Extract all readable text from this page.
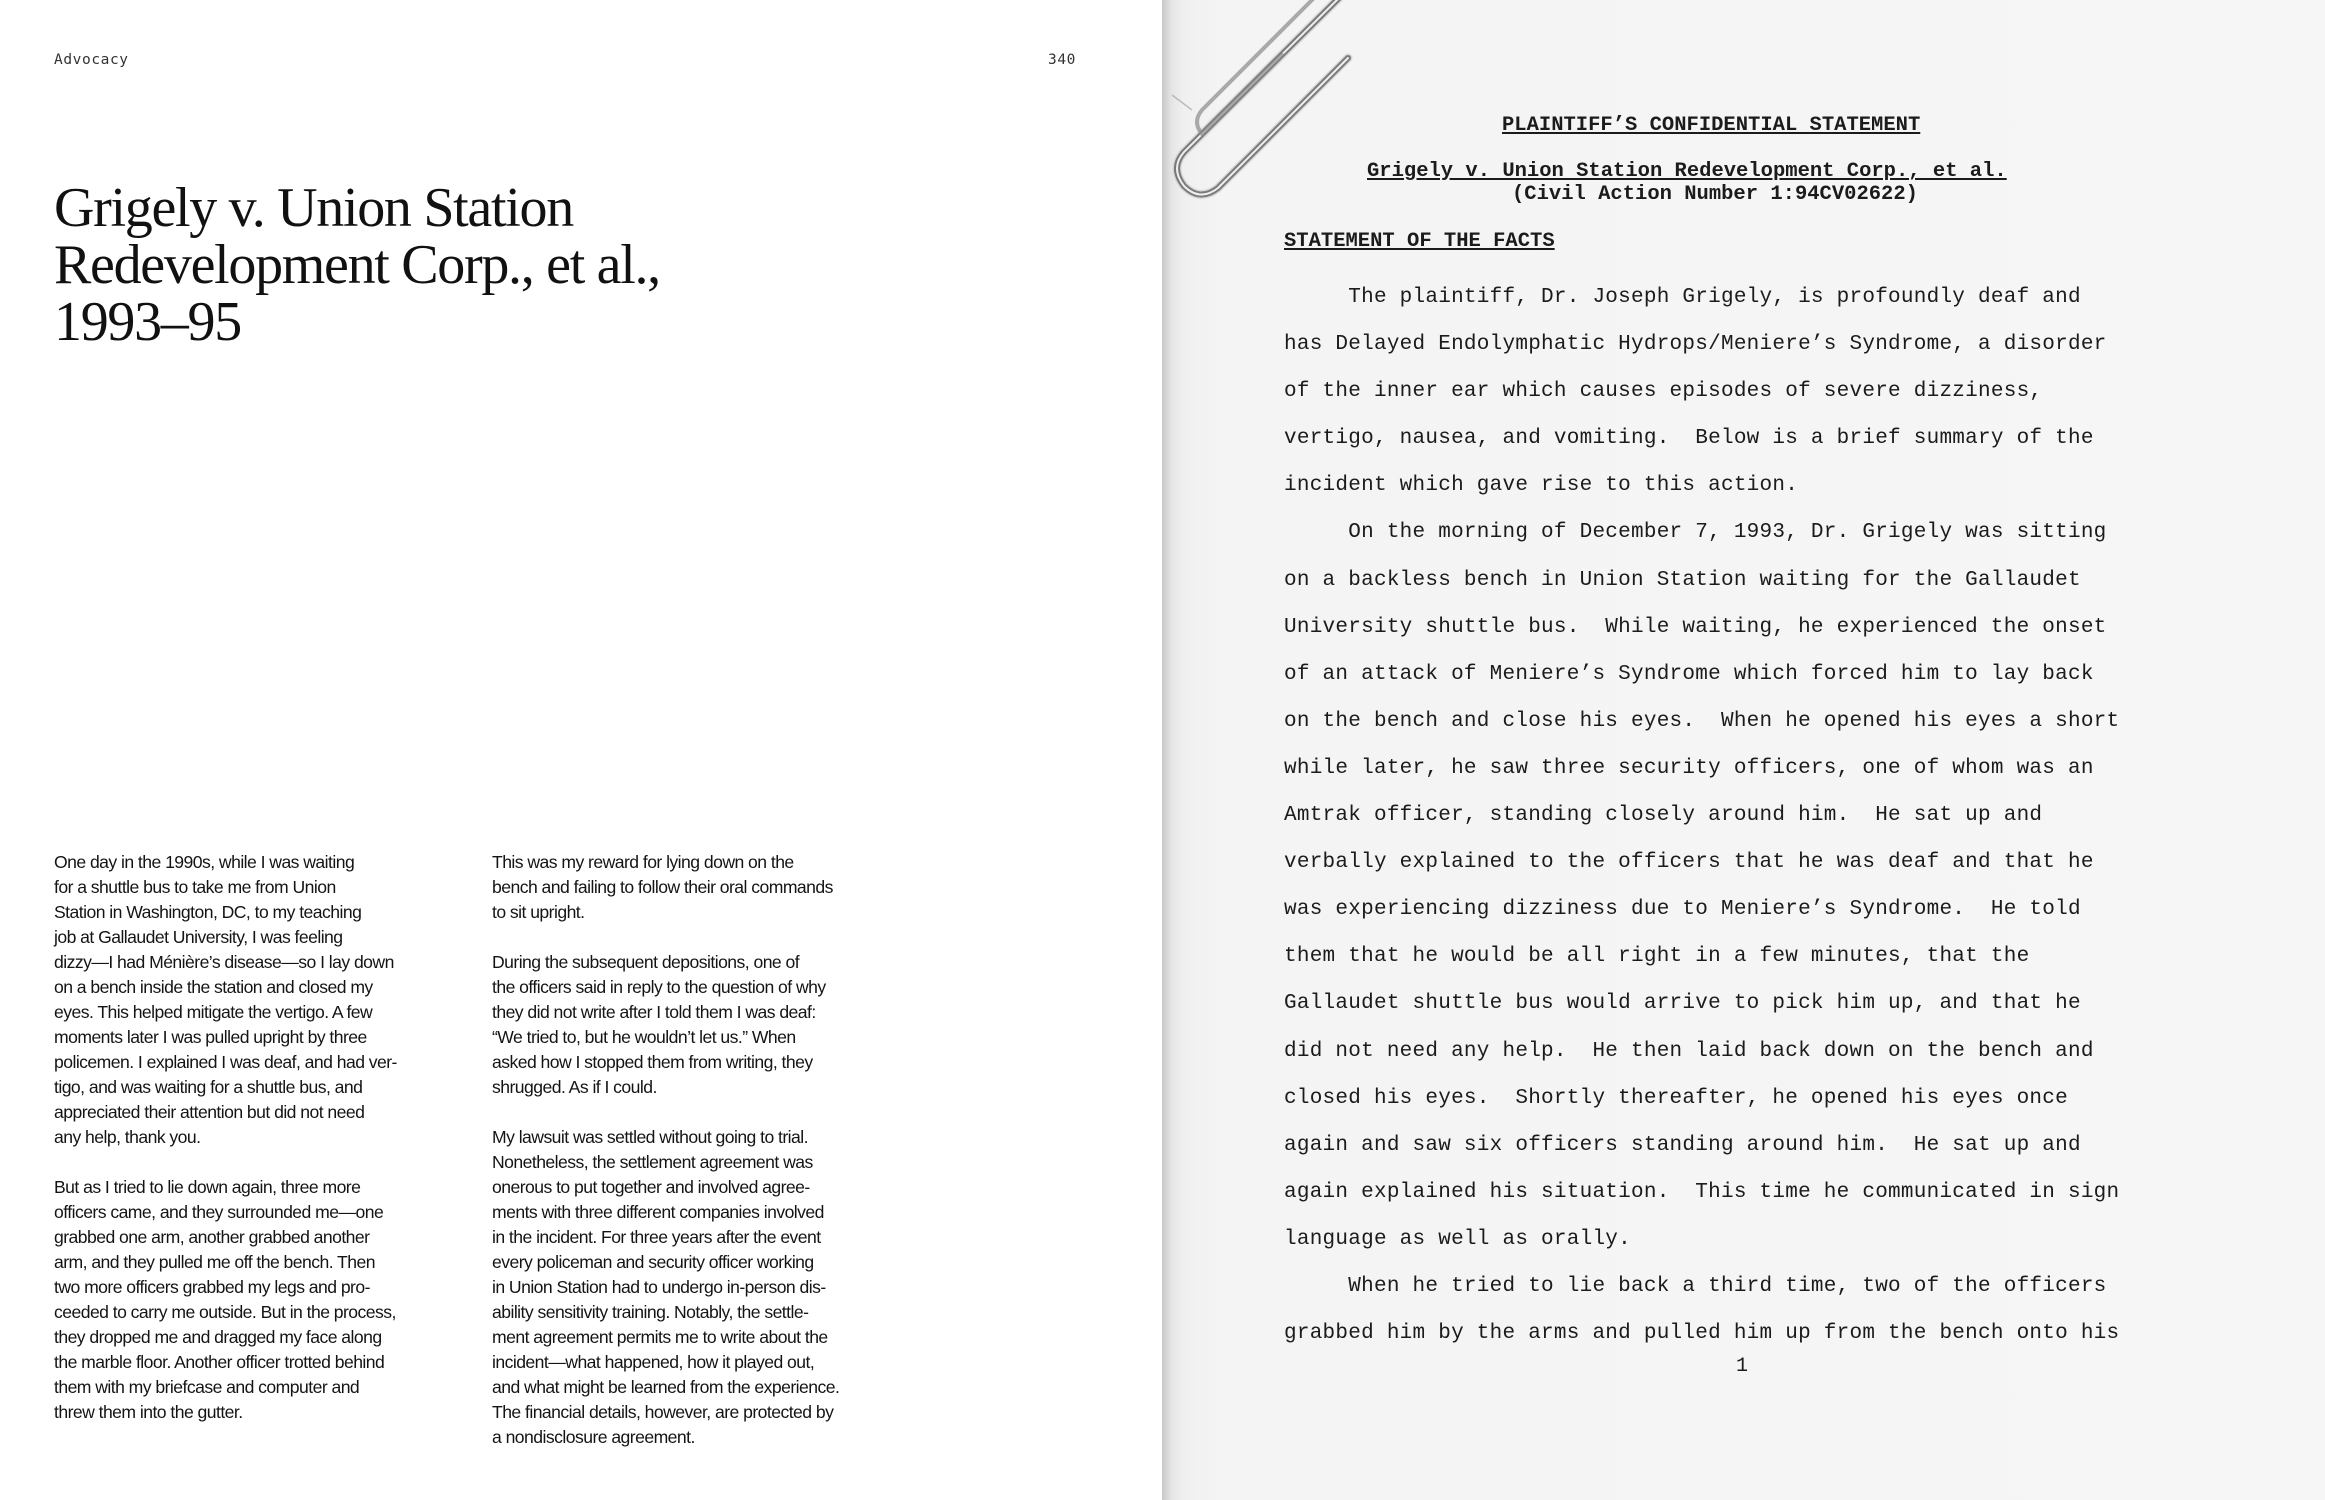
Advocacy	340
Grigely v. Union Station
Redevelopment Corp., et al.,
1993–95

One day in the 1990s, while I was waiting
for a shuttle bus to take me from Union
Station in Washington, DC, to my teaching
job at Gallaudet University, I was feeling
dizzy—I had Ménière’s disease—so I lay down
on a bench inside the station and closed my
eyes. This helped mitigate the vertigo. A few
moments later I was pulled upright by three
policemen. I explained I was deaf, and had ver-
tigo, and was waiting for a shuttle bus, and
appreciated their attention but did not need
any help, thank you.

But as I tried to lie down again, three more
officers came, and they surrounded me—one
grabbed one arm, another grabbed another
arm, and they pulled me off the bench. Then
two more officers grabbed my legs and pro-
ceeded to carry me outside. But in the process,
they dropped me and dragged my face along
the marble floor. Another officer trotted behind
them with my briefcase and computer and
threw them into the gutter.

This was my reward for lying down on the
bench and failing to follow their oral commands
to sit upright.

During the subsequent depositions, one of
the officers said in reply to the question of why
they did not write after I told them I was deaf:
“We tried to, but he wouldn’t let us.” When
asked how I stopped them from writing, they
shrugged. As if I could.

My lawsuit was settled without going to trial.
Nonetheless, the settlement agreement was
onerous to put together and involved agree-
ments with three different companies involved
in the incident. For three years after the event
every policeman and security officer working
in Union Station had to undergo in-person dis-
ability sensitivity training. Notably, the settle-
ment agreement permits me to write about the
incident—what happened, how it played out,
and what might be learned from the experience.
The financial details, however, are protected by
a nondisclosure agreement.

PLAINTIFF’S CONFIDENTIAL STATEMENT
Grigely v. Union Station Redevelopment Corp., et al.
(Civil Action Number 1:94CV02622)
STATEMENT OF THE FACTS
The plaintiff, Dr. Joseph Grigely, is profoundly deaf and
has Delayed Endolymphatic Hydrops/Meniere’s Syndrome, a disorder
of the inner ear which causes episodes of severe dizziness,
vertigo, nausea, and vomiting.  Below is a brief summary of the
incident which gave rise to this action.
On the morning of December 7, 1993, Dr. Grigely was sitting
on a backless bench in Union Station waiting for the Gallaudet
University shuttle bus.  While waiting, he experienced the onset
of an attack of Meniere’s Syndrome which forced him to lay back
on the bench and close his eyes.  When he opened his eyes a short
while later, he saw three security officers, one of whom was an
Amtrak officer, standing closely around him.  He sat up and
verbally explained to the officers that he was deaf and that he
was experiencing dizziness due to Meniere’s Syndrome.  He told
them that he would be all right in a few minutes, that the
Gallaudet shuttle bus would arrive to pick him up, and that he
did not need any help.  He then laid back down on the bench and
closed his eyes.  Shortly thereafter, he opened his eyes once
again and saw six officers standing around him.  He sat up and
again explained his situation.  This time he communicated in sign
language as well as orally.
When he tried to lie back a third time, two of the officers
grabbed him by the arms and pulled him up from the bench onto his
1
